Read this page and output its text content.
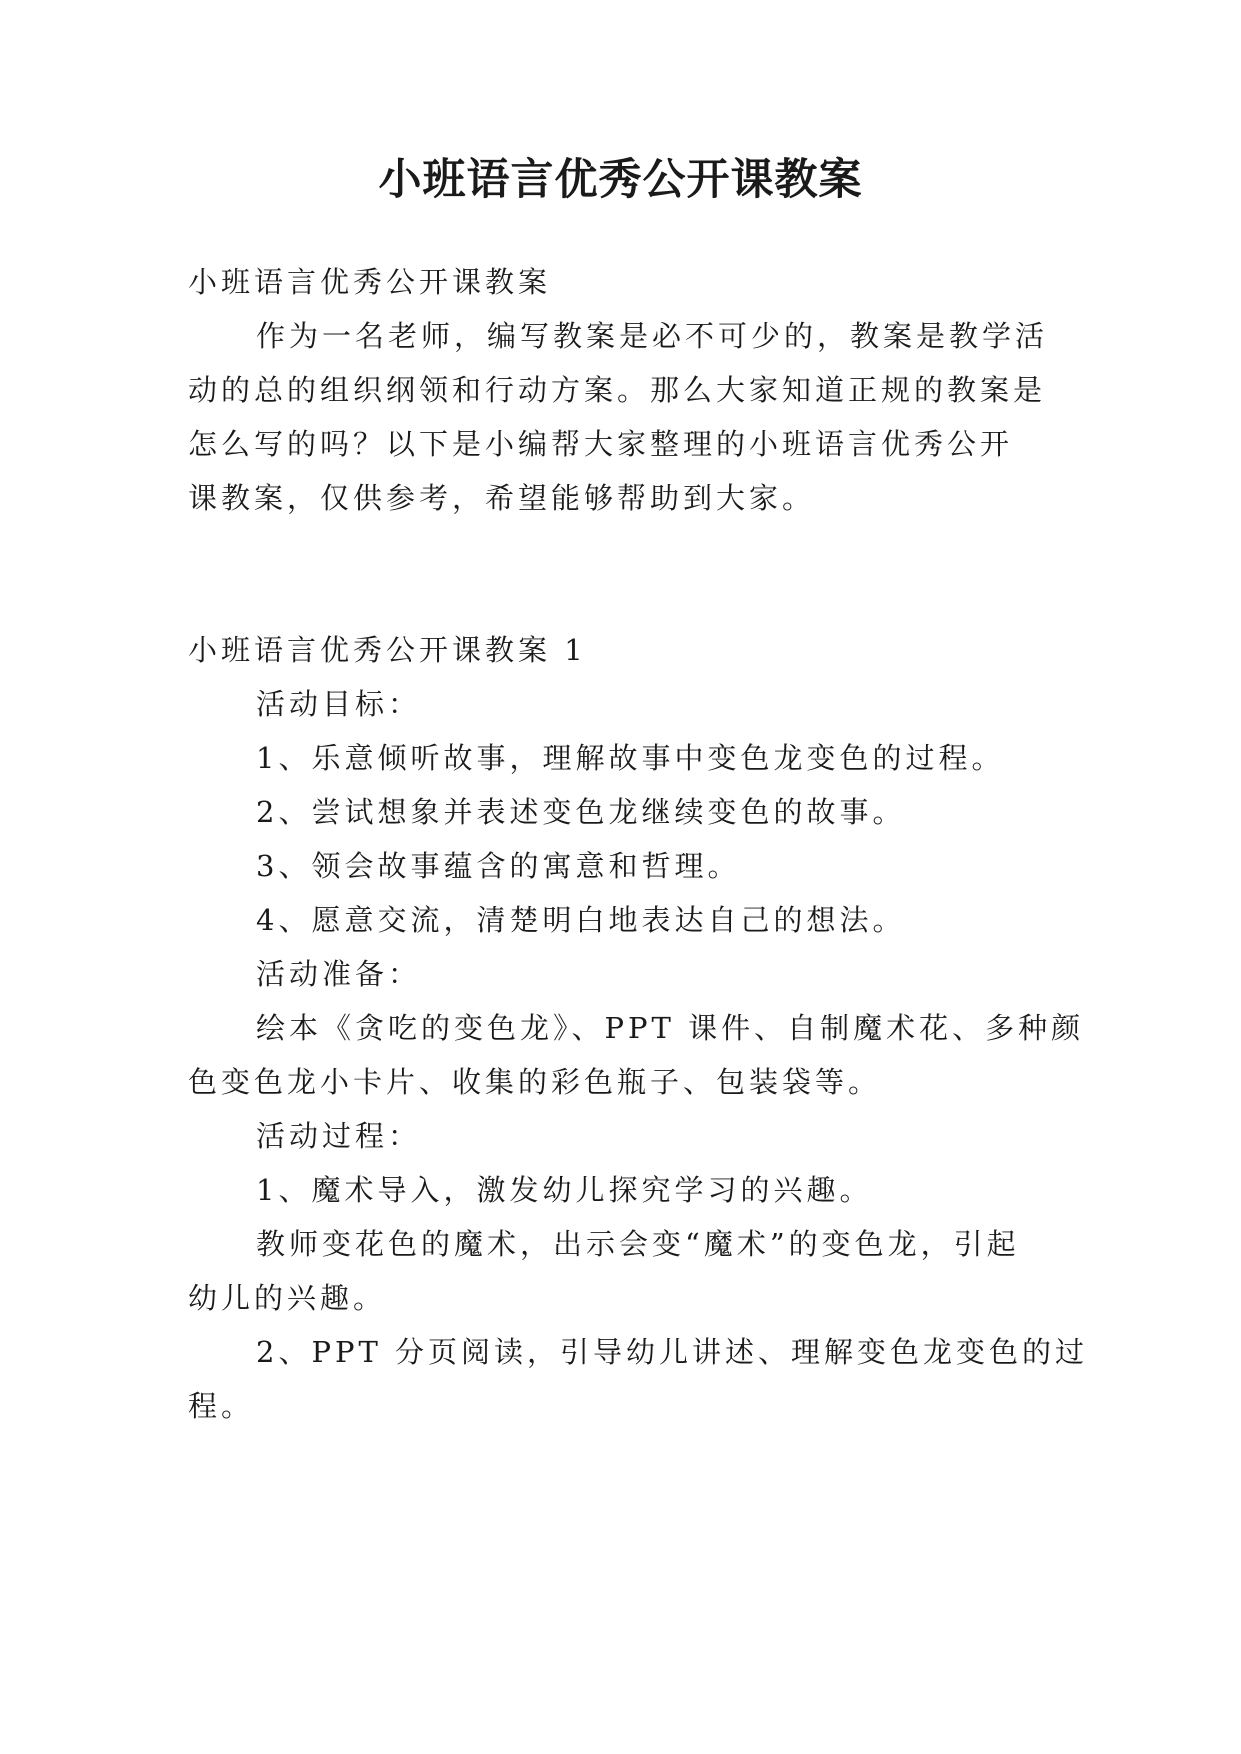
小班语言优秀公开课教案

小班语言优秀公开课教案

作为一名老师，编写教案是必不可少的，教案是教学活

动的总的组织纲领和行动方案。那么大家知道正规的教案是

怎么写的吗？以下是小编帮大家整理的小班语言优秀公开

课教案，仅供参考，希望能够帮助到大家。

小班语言优秀公开课教案 1

活动目标：

1、乐意倾听故事，理解故事中变色龙变色的过程。

2、尝试想象并表述变色龙继续变色的故事。

3、领会故事蕴含的寓意和哲理。

4、愿意交流，清楚明白地表达自己的想法。

活动准备：

绘本《贪吃的变色龙》、PPT 课件、自制魔术花、多种颜

色变色龙小卡片、收集的彩色瓶子、包装袋等。

活动过程：

1、魔术导入，激发幼儿探究学习的兴趣。

教师变花色的魔术，出示会变“魔术”的变色龙，引起

幼儿的兴趣。

2、PPT 分页阅读，引导幼儿讲述、理解变色龙变色的过

程。
